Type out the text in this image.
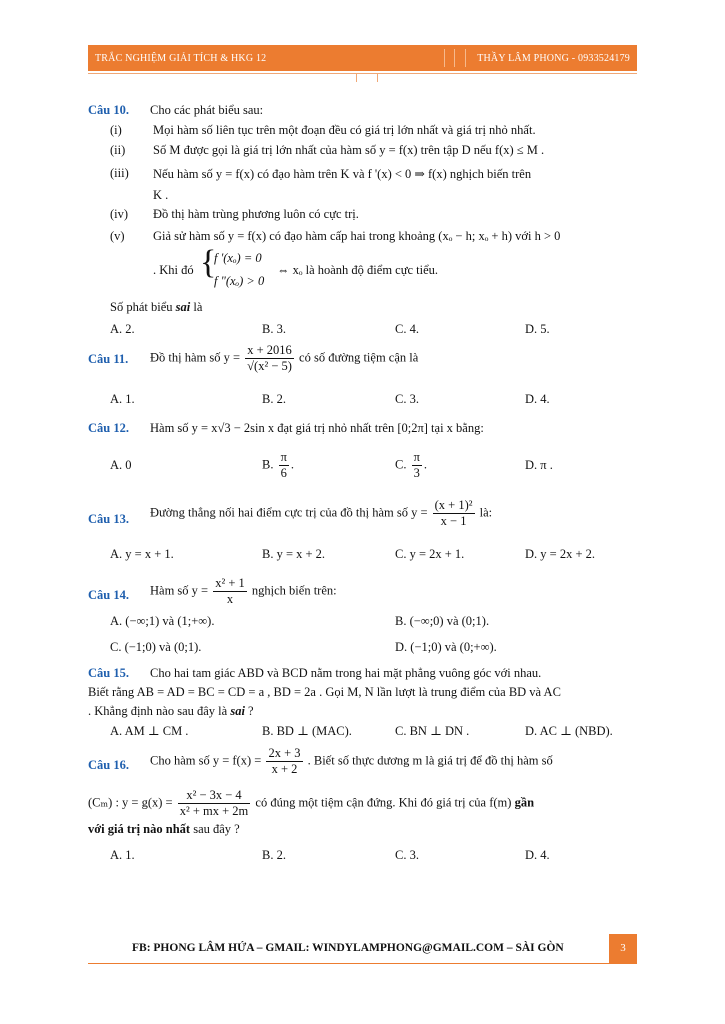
TRẮC NGHIỆM GIẢI TÍCH & HKG 12	THẦY LÂM PHONG - 0933524179
Câu 10. Cho các phát biểu sau:
(i) Mọi hàm số liên tục trên một đoạn đều có giá trị lớn nhất và giá trị nhỏ nhất.
(ii) Số M được gọi là giá trị lớn nhất của hàm số y = f(x) trên tập D nếu f(x) ≤ M .
(iii) Nếu hàm số y = f(x) có đạo hàm trên K và f '(x) < 0 ⇒ f(x) nghịch biến trên
K .
(iv) Đồ thị hàm trùng phương luôn có cực trị.
(v) Giả sử hàm số y = f(x) có đạo hàm cấp hai trong khoảng (xₒ − h; xₒ + h) với h > 0
. Khi đó {
f '(xₒ) = 0
f "(xₒ) > 0
⇔ xₒ là hoành độ điểm cực tiểu.
Số phát biểu sai là
A. 2.	B. 3.	C. 4.	D. 5.
Câu 11. Đồ thị hàm số $y = \frac{x + 2016}{\text{√(x² − 5)}}$ có số đường tiệm cận là
A. 1.	B. 2.	C. 3.	D. 4.
Câu 12. Hàm số y = x√3 − 2sin x đạt giá trị nhỏ nhất trên [0;2π] tại x bằng:
A. 0	B. $\frac{\pi}{6}$ .	C. $\frac{\pi}{3}$ .	D. π .
Câu 13. Đường thẳng nối hai điểm cực trị của đồ thị hàm số $y = \frac{\text{(x + 1)²}}{x - 1}$ là:
A. y = x + 1.	B. y = x + 2.	C. y = 2x + 1.	D. y = 2x + 2.
Câu 14. Hàm số $y = \frac{\text{x² + 1}}{x}$ nghịch biến trên:
A. (−∞;1) và (1;+∞).	B. (−∞;0) và (0;1).
C. (−1;0) và (0;1).	D. (−1;0) và (0;+∞).
Câu 15. Cho hai tam giác ABD và BCD nằm trong hai mặt phẳng vuông góc với nhau.
Biết rằng AB = AD = BC = CD = a , BD = 2a . Gọi M, N lần lượt là trung điểm của BD và AC
. Khẳng định nào sau đây là sai ?
A. AM ⊥ CM .	B. BD ⊥ (MAC).	C. BN ⊥ DN .	D. AC ⊥ (NBD).
Câu 16. Cho hàm số $y = f(x) = \frac{2x + 3}{x + 2}$ . Biết số thực dương m là giá trị để đồ thị hàm số
(Cₘ) : $y = g(x) = \frac{\text{x² − 3x − 4}}{\text{x² + mx + 2m}}$ có đúng một tiệm cận đứng. Khi đó giá trị của f(m) gần
với giá trị nào nhất sau đây ?
A. 1.	B. 2.	C. 3.	D. 4.
FB: PHONG LÂM HỨA – GMAIL: WINDYLAMPHONG@GMAIL.COM – SÀI GÒN	3
